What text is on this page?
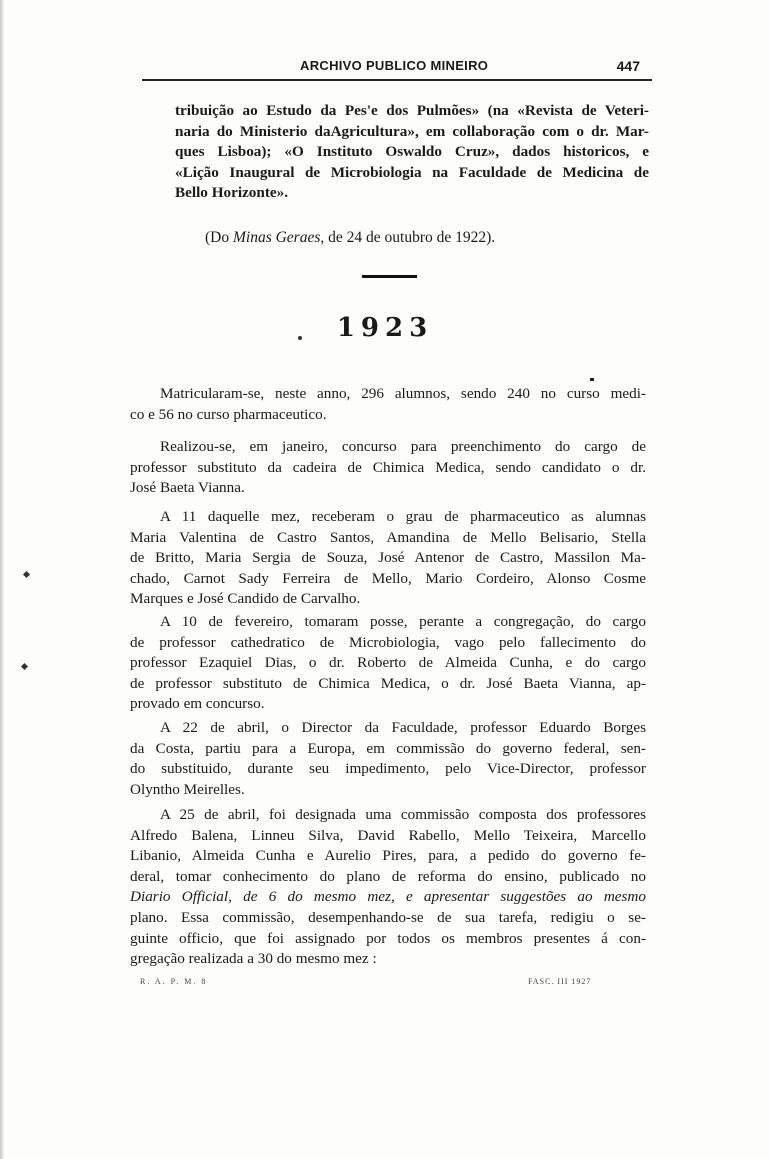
ARCHIVO PUBLICO MINEIRO	447

tribuição ao Estudo da Pes'e dos Pulmões» (na «Revista de Veteri-
naria do Ministerio daAgricultura», em collaboração com o dr. Mar-
ques Lisboa); «O Instituto Oswaldo Cruz», dados historicos, e
«Lição Inaugural de Microbiologia na Faculdade de Medicina de
Bello Horizonte».

(Do Minas Geraes, de 24 de outubro de 1922).
1923

Matricularam-se, neste anno, 296 alumnos, sendo 240 no curso medi-
co e 56 no curso pharmaceutico.

Realizou-se, em janeiro, concurso para preenchimento do cargo de
professor substituto da cadeira de Chimica Medica, sendo candidato o dr.
José Baeta Vianna.

A 11 daquelle mez, receberam o grau de pharmaceutico as alumnas
Maria Valentina de Castro Santos, Amandina de Mello Belisario, Stella
de Britto, Maria Sergia de Souza, José Antenor de Castro, Massilon Ma-
chado, Carnot Sady Ferreira de Mello, Mario Cordeiro, Alonso Cosme
Marques e José Candido de Carvalho.

A 10 de fevereiro, tomaram posse, perante a congregação, do cargo
de professor cathedratico de Microbiologia, vago pelo fallecimento do
professor Ezaquiel Dias, o dr. Roberto de Almeida Cunha, e do cargo
de professor substituto de Chimica Medica, o dr. José Baeta Vianna, ap-
provado em concurso.

A 22 de abril, o Director da Faculdade, professor Eduardo Borges
da Costa, partiu para a Europa, em commissão do governo federal, sen-
do substituido, durante seu impedimento, pelo Vice-Director, professor
Olyntho Meirelles.

A 25 de abril, foi designada uma commissão composta dos professores
Alfredo Balena, Linneu Silva, David Rabello, Mello Teixeira, Marcello
Libanio, Almeida Cunha e Aurelio Pires, para, a pedido do governo fe-
deral, tomar conhecimento do plano de reforma do ensino, publicado no
Diario Official, de 6 do mesmo mez, e apresentar suggestões ao mesmo
plano. Essa commissão, desempenhando-se de sua tarefa, redigiu o se-
guinte officio, que foi assignado por todos os membros presentes á con-
gregação realizada a 30 do mesmo mez :

R. A. P. M. 8	FASC. III 1927
